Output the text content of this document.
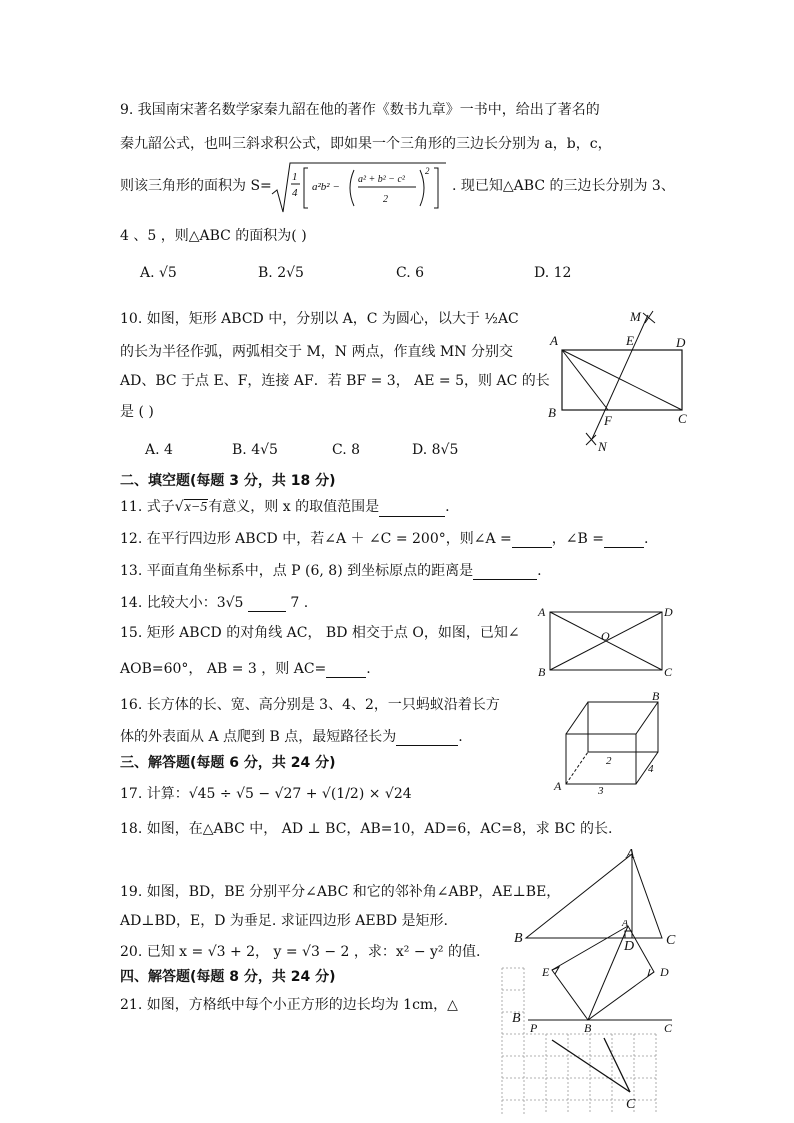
9. 我国南宋著名数学家秦九韶在他的著作《数书九章》一书中，给出了著名的
秦九韶公式，也叫三斜求积公式，即如果一个三角形的三边长分别为 a，b，c，
则该三角形的面积为 S=
1
4 a²b² −
a² + b² − c²
2
2
. 现已知△ABC 的三边长分别为 3、
4 、5 ，则△ABC 的面积为( )
A. √5	B. 2√5	C. 6	D. 12
10. 如图，矩形 ABCD 中，分别以 A，C 为圆心，以大于 ½AC
的长为半径作弧，两弧相交于 M，N 两点，作直线 MN 分别交
AD、BC 于点 E、F，连接 AF．若 BF = 3， AE = 5，则 AC 的长
是 ( )
A. 4	B. 4√5	C. 8	D. 8√5
A
B	C
D
E
F
M
N
二、填空题(每题 3 分，共 18 分)
11. 式子√x−5有意义，则 x 的取值范围是	.
12. 在平行四边形 ABCD 中，若∠A ＋ ∠C = 200°，则∠A =	，∠B =	.
13. 平面直角坐标系中，点 P (6, 8) 到坐标原点的距离是	.
14. 比较大小：3√5	7 .
15. 矩形 ABCD 的对角线 AC， BD 相交于点 O，如图，已知∠
AOB=60°， AB = 3 ，则 AC=	.
A
B	C
D
O
16. 长方体的长、宽、高分别是 3、4、2，一只蚂蚁沿着长方
体的外表面从 A 点爬到 B 点，最短路径长为	.
A
B
2
3
4
三、解答题(每题 6 分，共 24 分)
17. 计算：√45 ÷ √5 − √27 + √(1/2) × √24
18. 如图，在△ABC 中， AD ⊥ BC，AB=10，AD=6，AC=8，求 BC 的长.
A
B	C
D
19. 如图，BD，BE 分别平分∠ABC 和它的邻补角∠ABP，AE⊥BE，
AD⊥BD，E，D 为垂足. 求证四边形 AEBD 是矩形.	A
B	C
D
E
P
20. 已知 x = √3 + 2， y = √3 − 2 ，求：x² − y² 的值.
四、解答题(每题 8 分，共 24 分)
21. 如图，方格纸中每个小正方形的边长均为 1cm，△
B
C
